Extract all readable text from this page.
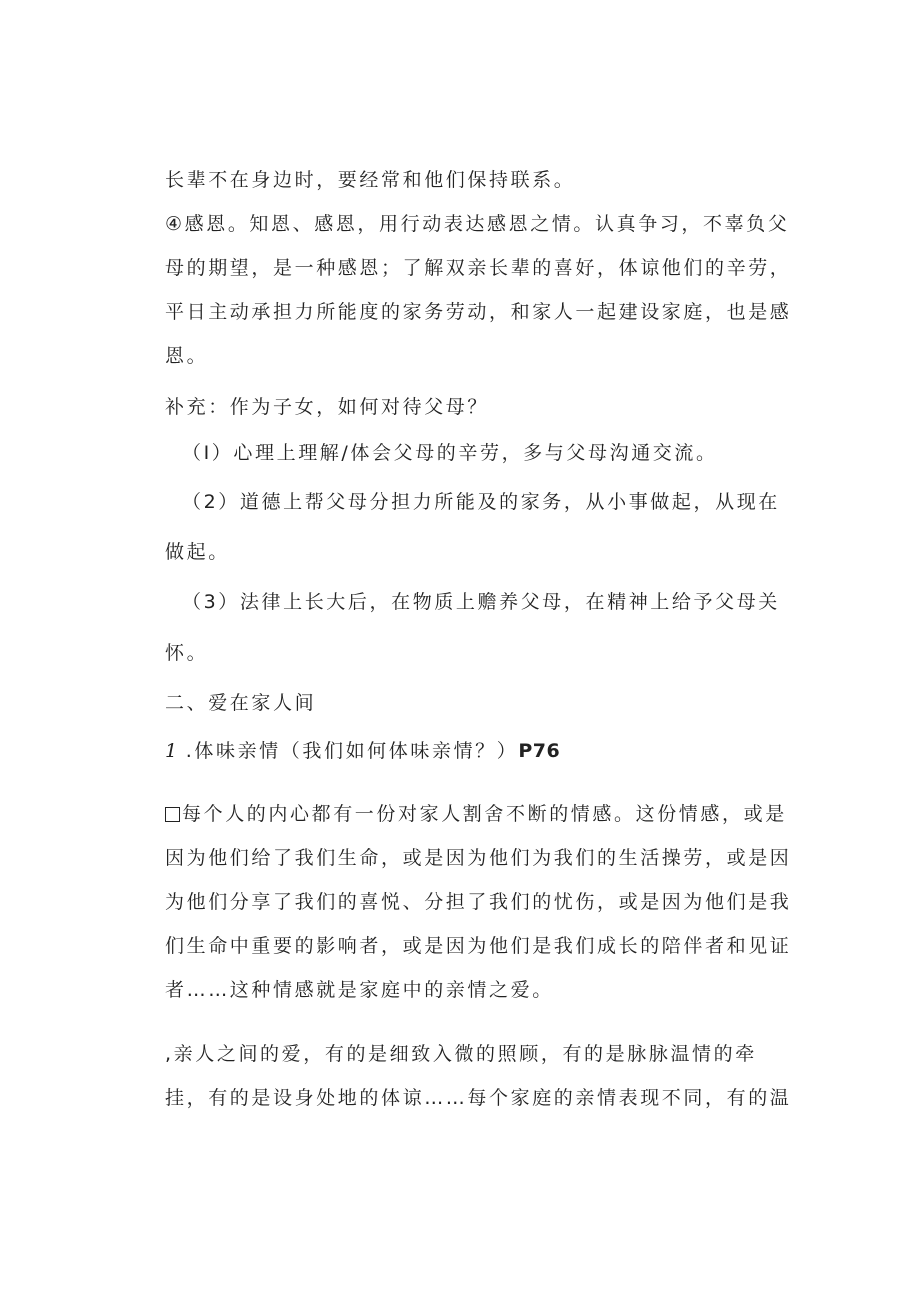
长辈不在身边时，要经常和他们保持联系。
④感恩。知恩、感恩，用行动表达感恩之情。认真争习，不辜负父
母的期望，是一种感恩；了解双亲长辈的喜好，体谅他们的辛劳，
平日主动承担力所能度的家务劳动，和家人一起建设家庭，也是感
恩。
补充：作为子女，如何对待父母？
（I）心理上理解/体会父母的辛劳，多与父母沟通交流。
（2）道德上帮父母分担力所能及的家务，从小事做起，从现在
做起。
（3）法律上长大后，在物质上赡养父母，在精神上给予父母关
怀。
二、爱在家人间
1 .体味亲情（我们如何体味亲情？）P76
每个人的内心都有一份对家人割舍不断的情感。这份情感，或是
因为他们给了我们生命，或是因为他们为我们的生活操劳，或是因
为他们分享了我们的喜悦、分担了我们的忧伤，或是因为他们是我
们生命中重要的影响者，或是因为他们是我们成长的陪伴者和见证
者……这种情感就是家庭中的亲情之爱。
,亲人之间的爱，有的是细致入微的照顾，有的是脉脉温情的牵
挂，有的是设身处地的体谅……每个家庭的亲情表现不同，有的温
